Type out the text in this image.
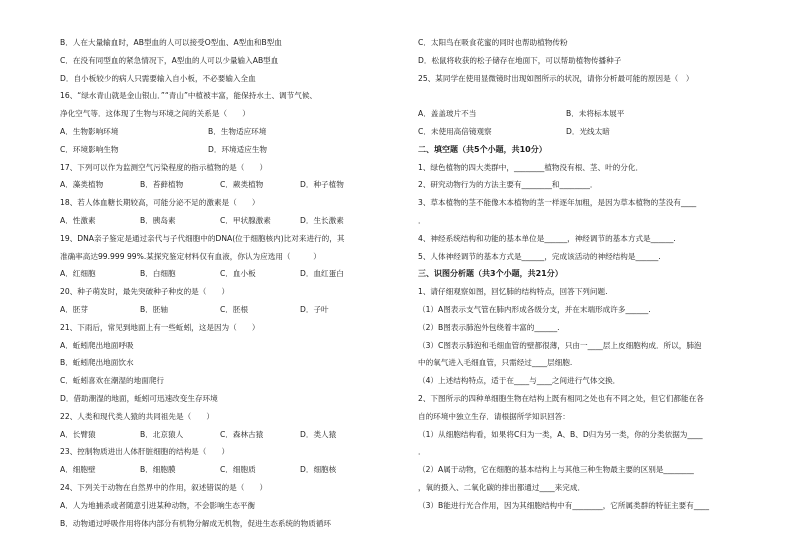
B．人在大量输血时，AB型血的人可以接受O型血、A型血和B型血
C．在没有同型血的紧急情况下，A型血的人可以少量输入AB型血
D．自小板较少的病人只需要输入自小板，不必要输入全血
16、“绿水青山就是金山银山．”“青山”中植被丰富，能保持水土、调节气候、
净化空气等．这体现了生物与环境之间的关系是（　　）
A．生物影响环境	B．生物适应环境
C．环境影响生物	D．环境适应生物
17、下列可以作为监测空气污染程度的指示植物的是（　　）
A．藻类植物	B．苔藓植物	C．蕨类植物	D．种子植物
18、若人体血糖长期较高，可能分泌不足的激素是（　　）
A．性激素	B．胰岛素	C．甲状腺激素	D．生长激素
19、DNA亲子鉴定是通过亲代与子代细胞中的DNA(位于细胞核内)比对来进行的，其
准确率高达99.999 99%.某探究鉴定材料仅有血液，你认为应选用（　　　）
A．红细胞	B．白细胞	C．血小板	D．血红蛋白
20、种子萌发时，最先突破种子种皮的是（　　）
A．胚芽	B．胚轴	C．胚根	D．子叶
21、下雨后，常见到地面上有一些蚯蚓，这是因为（　　）
A．蚯蚓爬出地面呼吸
B．蚯蚓爬出地面饮水
C．蚯蚓喜欢在潮湿的地面爬行
D．借助潮湿的地面，蚯蚓可迅速改变生存环境
22、人类和现代类人猿的共同祖先是（　　）
A．长臂猿	B．北京猿人	C．森林古猿	D．类人猿
23、控制物质进出人体肝脏细胞的结构是（　　）
A．细胞壁	B．细胞膜	C．细胞质	D．细胞核
24、下列关于动物在自然界中的作用，叙述错误的是（　　）
A．人为地捕杀或者随意引进某种动物，不会影响生态平衡
B．动物通过呼吸作用将体内部分有机物分解成无机物，促进生态系统的物质循环
C．太阳鸟在吸食花蜜的同时也帮助植物传粉
D．松鼠将收获的松子储存在地面下，可以帮助植物传播种子
25、某同学在使用显微镜时出现如图所示的状况，请你分析最可能的原因是（　）
A．盖盖玻片不当	B．未将标本展平
C．未使用高倍镜观察	D．光线太暗
二、填空题（共5个小题，共10分）
1、绿色植物的四大类群中，________植物没有根、茎、叶的分化．
2、研究动物行为的方法主要有________和________．
3、草本植物的茎不能像木本植物的茎一样逐年加粗，是因为草本植物的茎没有____
．
4、神经系统结构和功能的基本单位是______，神经调节的基本方式是______.
5、人体神经调节的基本方式是______，完成该活动的神经结构是______.
三、识图分析题（共3个小题，共21分）
1、请仔细观察如图，回忆肺的结构特点，回答下列问题.
（1）A图表示支气管在肺内形成各级分支，并在末端形成许多______.
（2）B图表示肺泡外包绕着丰富的______.
（3）C图表示肺泡和毛细血管的壁都很薄，只由一____层上皮细胞构成．所以，肺泡
中的氧气进入毛细血管，只需经过____层细胞.
（4）上述结构特点，适于在____与____之间进行气体交换．
2、下图所示的四种单细胞生物在结构上既有相同之处也有不同之处，但它们都能在各
自的环境中独立生存．请根据所学知识回答：
（1）从细胞结构看，如果将C归为一类，A、B、D归为另一类，你的分类依据为____
．
（2）A属于动物，它在细胞的基本结构上与其他三种生物最主要的区别是________
，氧的摄入、二氧化碳的排出都通过____来完成．
（3）B能进行光合作用，因为其细胞结构中有________，它所属类群的特征主要有____
